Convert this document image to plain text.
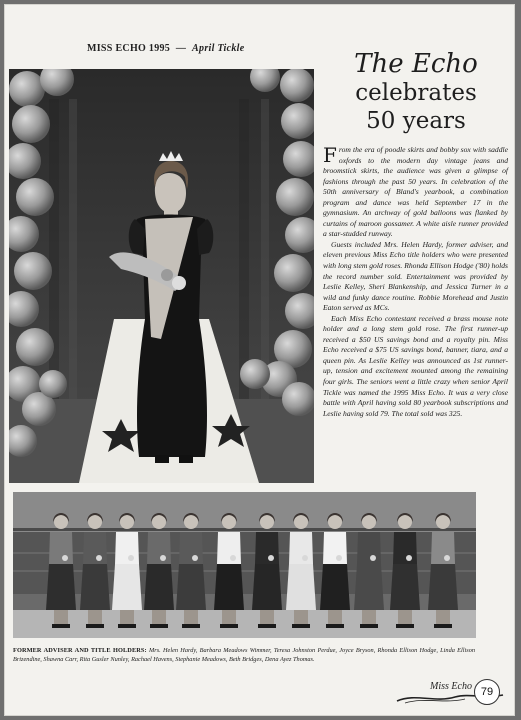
MISS ECHO 1995 — April Tickle
The Echo
celebrates
50 years

From the era of poodle skirts and bobby sox with saddle oxfords to the modern day vintage jeans and broomstick skirts, the audience was given a glimpse of fashions through the past 50 years. In celebration of the 50th anniversary of Bland's yearbook, a combination program and dance was held September 17 in the gymnasium. An archway of gold balloons was flanked by curtains of maroon gossamer. A white aisle runner provided a star-studded runway.

Guests included Mrs. Helen Hardy, former adviser, and eleven previous Miss Echo title holders who were presented with long stem gold roses. Rhonda Ellison Hodge ('80) holds the record number sold. Entertainment was provided by Leslie Kelley, Sheri Blankenship, and Jessica Turner in a wild and funky dance routine. Robbie Morehead and Justin Eaton served as MCs.

Each Miss Echo contestant received a brass mouse note holder and a long stem gold rose. The first runner-up received a $50 US savings bond and a royalty pin. Miss Echo received a $75 US savings bond, banner, tiara, and a queen pin. As Leslie Kelley was announced as 1st runner-up, tension and excitement mounted among the remaining four girls. The seniors went a little crazy when senior April Tickle was named the 1995 Miss Echo. It was a very close battle with April having sold 80 yearbook subscriptions and Leslie having sold 79. The total sold was 325.

FORMER ADVISER AND TITLE HOLDERS: Mrs. Helen Hardy, Barbara Meadows Wimmer, Teresa Johnston Perdue, Joyce Bryson, Rhonda Ellison Hodge, Linda Ellison Brizendine, Shawna Carr, Rita Gusler Nunley, Rachael Havens, Stephanie Meadows, Beth Bridges, Dena Ayez Thomas.
Miss Echo 79
